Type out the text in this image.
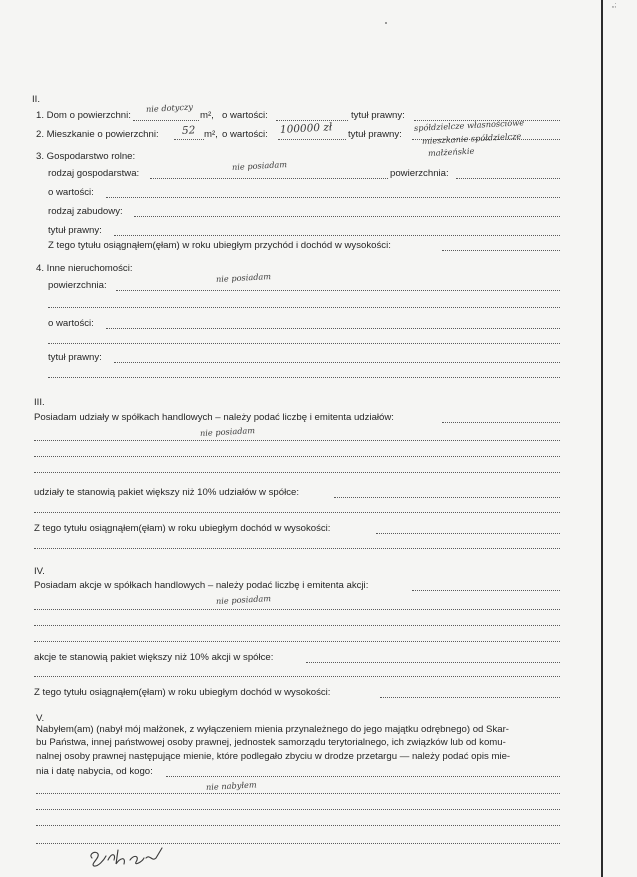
„;
II.
1. Dom o powierzchni:
nie dotyczy
m², o wartości:	tytuł prawny:
2. Mieszkanie o powierzchni: 52 m², o wartości: 100000 zł tytuł prawny:
spółdzielcze własnościowe
mieszkanie spółdzielcze
małżeńskie
3. Gospodarstwo rolne:
rodzaj gospodarstwa:
nie posiadam
powierzchnia:
o wartości:
rodzaj zabudowy:
tytuł prawny:
Z tego tytułu osiągnąłem(ęłam) w roku ubiegłym przychód i dochód w wysokości:
4. Inne nieruchomości:
powierzchnia:
nie posiadam
o wartości:
tytuł prawny:
III.
Posiadam udziały w spółkach handlowych – należy podać liczbę i emitenta udziałów:
nie posiadam
udziały te stanowią pakiet większy niż 10% udziałów w spółce:
Z tego tytułu osiągnąłem(ęłam) w roku ubiegłym dochód w wysokości:
IV.
Posiadam akcje w spółkach handlowych – należy podać liczbę i emitenta akcji:
nie posiadam
akcje te stanowią pakiet większy niż 10% akcji w spółce:
Z tego tytułu osiągnąłem(ęłam) w roku ubiegłym dochód w wysokości:
V.
Nabyłem(am) (nabył mój małżonek, z wyłączeniem mienia przynależnego do jego majątku odrębnego) od Skar-
bu Państwa, innej państwowej osoby prawnej, jednostek samorządu terytorialnego, ich związków lub od komu-
nalnej osoby prawnej następujące mienie, które podlegało zbyciu w drodze przetargu — należy podać opis mie-
nia i datę nabycia, od kogo:
nie nabyłem
